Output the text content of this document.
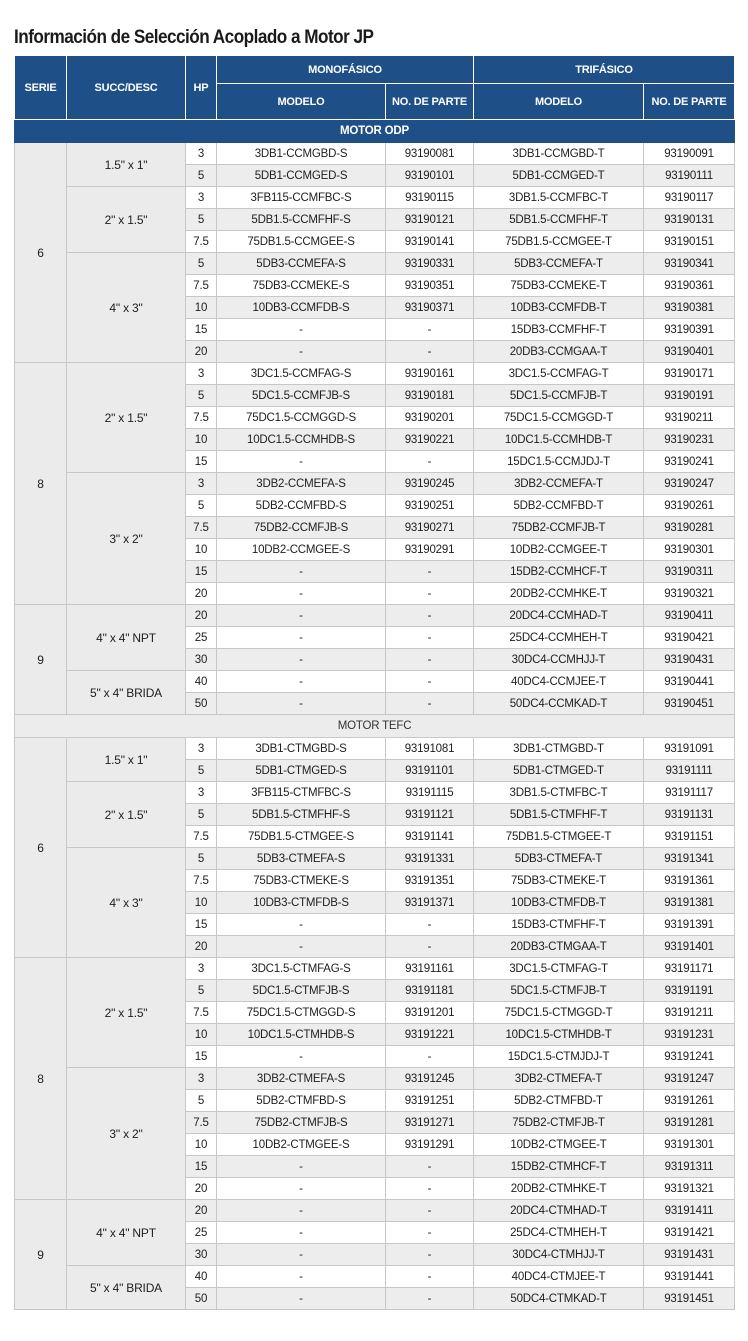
Información de Selección Acoplado a Motor JP
SERIE	SUCC/DESC	HP	MONOFÁSICO		TRIFÁSICO	
			MODELO	NO. DE PARTE	MODELO	NO. DE PARTE
MOTOR ODP						
6	1.5" x 1"	3	3DB1-CCMGBD-S	93190081	3DB1-CCMGBD-T	93190091
		5	5DB1-CCMGED-S	93190101	5DB1-CCMGED-T	93190111
	2" x 1.5"	3	3FB115-CCMFBC-S	93190115	3DB1.5-CCMFBC-T	93190117
		5	5DB1.5-CCMFHF-S	93190121	5DB1.5-CCMFHF-T	93190131
		7.5	75DB1.5-CCMGEE-S	93190141	75DB1.5-CCMGEE-T	93190151
	4" x 3"	5	5DB3-CCMEFA-S	93190331	5DB3-CCMEFA-T	93190341
		7.5	75DB3-CCMEKE-S	93190351	75DB3-CCMEKE-T	93190361
		10	10DB3-CCMFDB-S	93190371	10DB3-CCMFDB-T	93190381
		15	-	-	15DB3-CCMFHF-T	93190391
		20	-	-	20DB3-CCMGAA-T	93190401
8	2" x 1.5"	3	3DC1.5-CCMFAG-S	93190161	3DC1.5-CCMFAG-T	93190171
		5	5DC1.5-CCMFJB-S	93190181	5DC1.5-CCMFJB-T	93190191
		7.5	75DC1.5-CCMGGD-S	93190201	75DC1.5-CCMGGD-T	93190211
		10	10DC1.5-CCMHDB-S	93190221	10DC1.5-CCMHDB-T	93190231
		15	-	-	15DC1.5-CCMJDJ-T	93190241
	3" x 2"	3	3DB2-CCMEFA-S	93190245	3DB2-CCMEFA-T	93190247
		5	5DB2-CCMFBD-S	93190251	5DB2-CCMFBD-T	93190261
		7.5	75DB2-CCMFJB-S	93190271	75DB2-CCMFJB-T	93190281
		10	10DB2-CCMGEE-S	93190291	10DB2-CCMGEE-T	93190301
		15	-	-	15DB2-CCMHCF-T	93190311
		20	-	-	20DB2-CCMHKE-T	93190321
9	4" x 4" NPT	20	-	-	20DC4-CCMHAD-T	93190411
		25	-	-	25DC4-CCMHEH-T	93190421
		30	-	-	30DC4-CCMHJJ-T	93190431
	5" x 4" BRIDA	40	-	-	40DC4-CCMJEE-T	93190441
		50	-	-	50DC4-CCMKAD-T	93190451
MOTOR TEFC						
6	1.5" x 1"	3	3DB1-CTMGBD-S	93191081	3DB1-CTMGBD-T	93191091
		5	5DB1-CTMGED-S	93191101	5DB1-CTMGED-T	93191111
	2" x 1.5"	3	3FB115-CTMFBC-S	93191115	3DB1.5-CTMFBC-T	93191117
		5	5DB1.5-CTMFHF-S	93191121	5DB1.5-CTMFHF-T	93191131
		7.5	75DB1.5-CTMGEE-S	93191141	75DB1.5-CTMGEE-T	93191151
	4" x 3"	5	5DB3-CTMEFA-S	93191331	5DB3-CTMEFA-T	93191341
		7.5	75DB3-CTMEKE-S	93191351	75DB3-CTMEKE-T	93191361
		10	10DB3-CTMFDB-S	93191371	10DB3-CTMFDB-T	93191381
		15	-	-	15DB3-CTMFHF-T	93191391
		20	-	-	20DB3-CTMGAA-T	93191401
8	2" x 1.5"	3	3DC1.5-CTMFAG-S	93191161	3DC1.5-CTMFAG-T	93191171
		5	5DC1.5-CTMFJB-S	93191181	5DC1.5-CTMFJB-T	93191191
		7.5	75DC1.5-CTMGGD-S	93191201	75DC1.5-CTMGGD-T	93191211
		10	10DC1.5-CTMHDB-S	93191221	10DC1.5-CTMHDB-T	93191231
		15	-	-	15DC1.5-CTMJDJ-T	93191241
	3" x 2"	3	3DB2-CTMEFA-S	93191245	3DB2-CTMEFA-T	93191247
		5	5DB2-CTMFBD-S	93191251	5DB2-CTMFBD-T	93191261
		7.5	75DB2-CTMFJB-S	93191271	75DB2-CTMFJB-T	93191281
		10	10DB2-CTMGEE-S	93191291	10DB2-CTMGEE-T	93191301
		15	-	-	15DB2-CTMHCF-T	93191311
		20	-	-	20DB2-CTMHKE-T	93191321
9	4" x 4" NPT	20	-	-	20DC4-CTMHAD-T	93191411
		25	-	-	25DC4-CTMHEH-T	93191421
		30	-	-	30DC4-CTMHJJ-T	93191431
	5" x 4" BRIDA	40	-	-	40DC4-CTMJEE-T	93191441
		50	-	-	50DC4-CTMKAD-T	93191451
